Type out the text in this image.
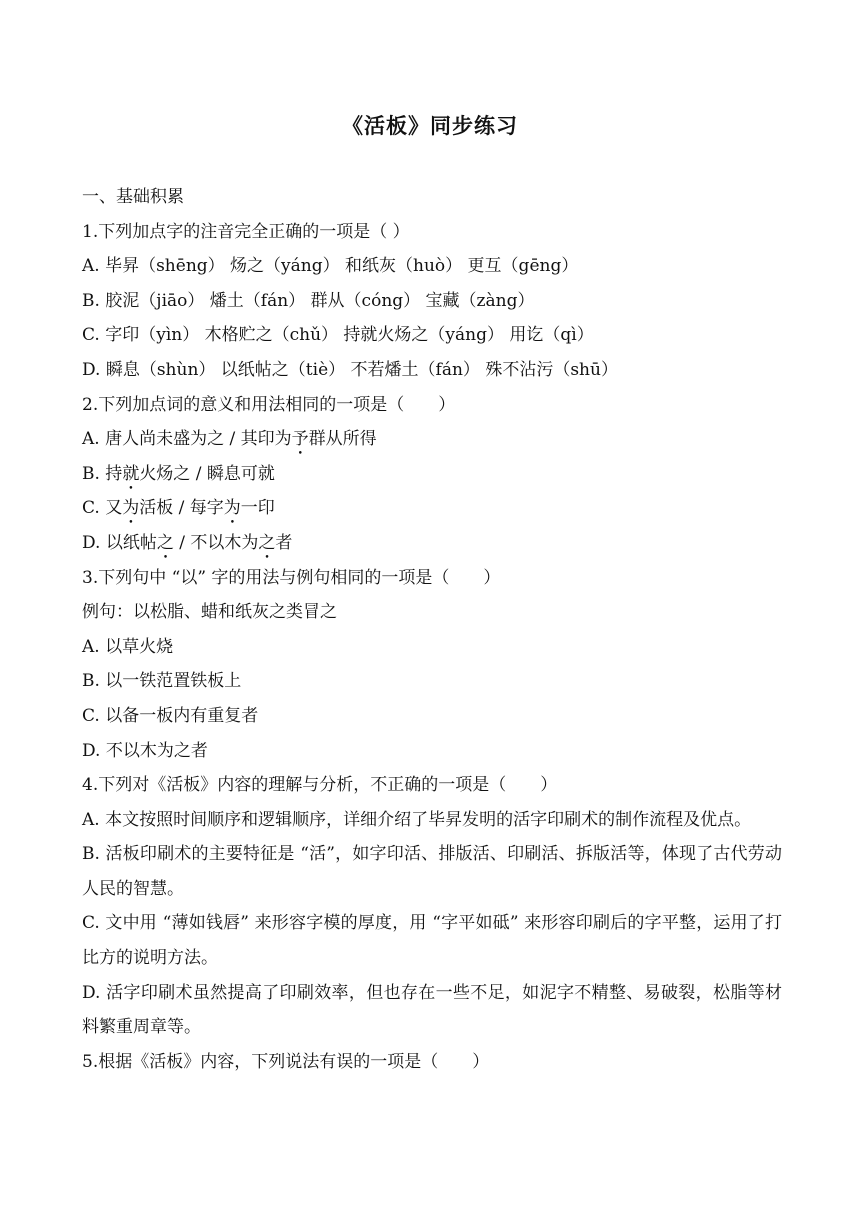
《活板》同步练习
一、基础积累
1.下列加点字的注音完全正确的一项是（ ）
A. 毕昇（shēng） 炀之（yáng） 和纸灰（huò） 更互（gēng）
B. 胶泥（jiāo） 燔土（fán） 群从（cóng） 宝藏（zàng）
C. 字印（yìn） 木格贮之（chǔ） 持就火炀之（yáng） 用讫（qì）
D. 瞬息（shùn） 以纸帖之（tiè） 不若燔土（fán） 殊不沾污（shū）
2.下列加点词的意义和用法相同的一项是（　　）
A. 唐人尚未盛为之 / 其印为予群从所得
B. 持就火炀之 / 瞬息可就
C. 又为活板 / 每字为一印
D. 以纸帖之 / 不以木为之者
3.下列句中 “以” 字的用法与例句相同的一项是（　　）
例句：以松脂、蜡和纸灰之类冒之
A. 以草火烧
B. 以一铁范置铁板上
C. 以备一板内有重复者
D. 不以木为之者
4.下列对《活板》内容的理解与分析，不正确的一项是（　　）
A. 本文按照时间顺序和逻辑顺序，详细介绍了毕昇发明的活字印刷术的制作流程及优点。
B. 活板印刷术的主要特征是 “活”，如字印活、排版活、印刷活、拆版活等，体现了古代劳动人民的智慧。
C. 文中用 “薄如钱唇” 来形容字模的厚度，用 “字平如砥” 来形容印刷后的字平整，运用了打比方的说明方法。
D. 活字印刷术虽然提高了印刷效率，但也存在一些不足，如泥字不精整、易破裂，松脂等材料繁重周章等。
5.根据《活板》内容，下列说法有误的一项是（　　）
